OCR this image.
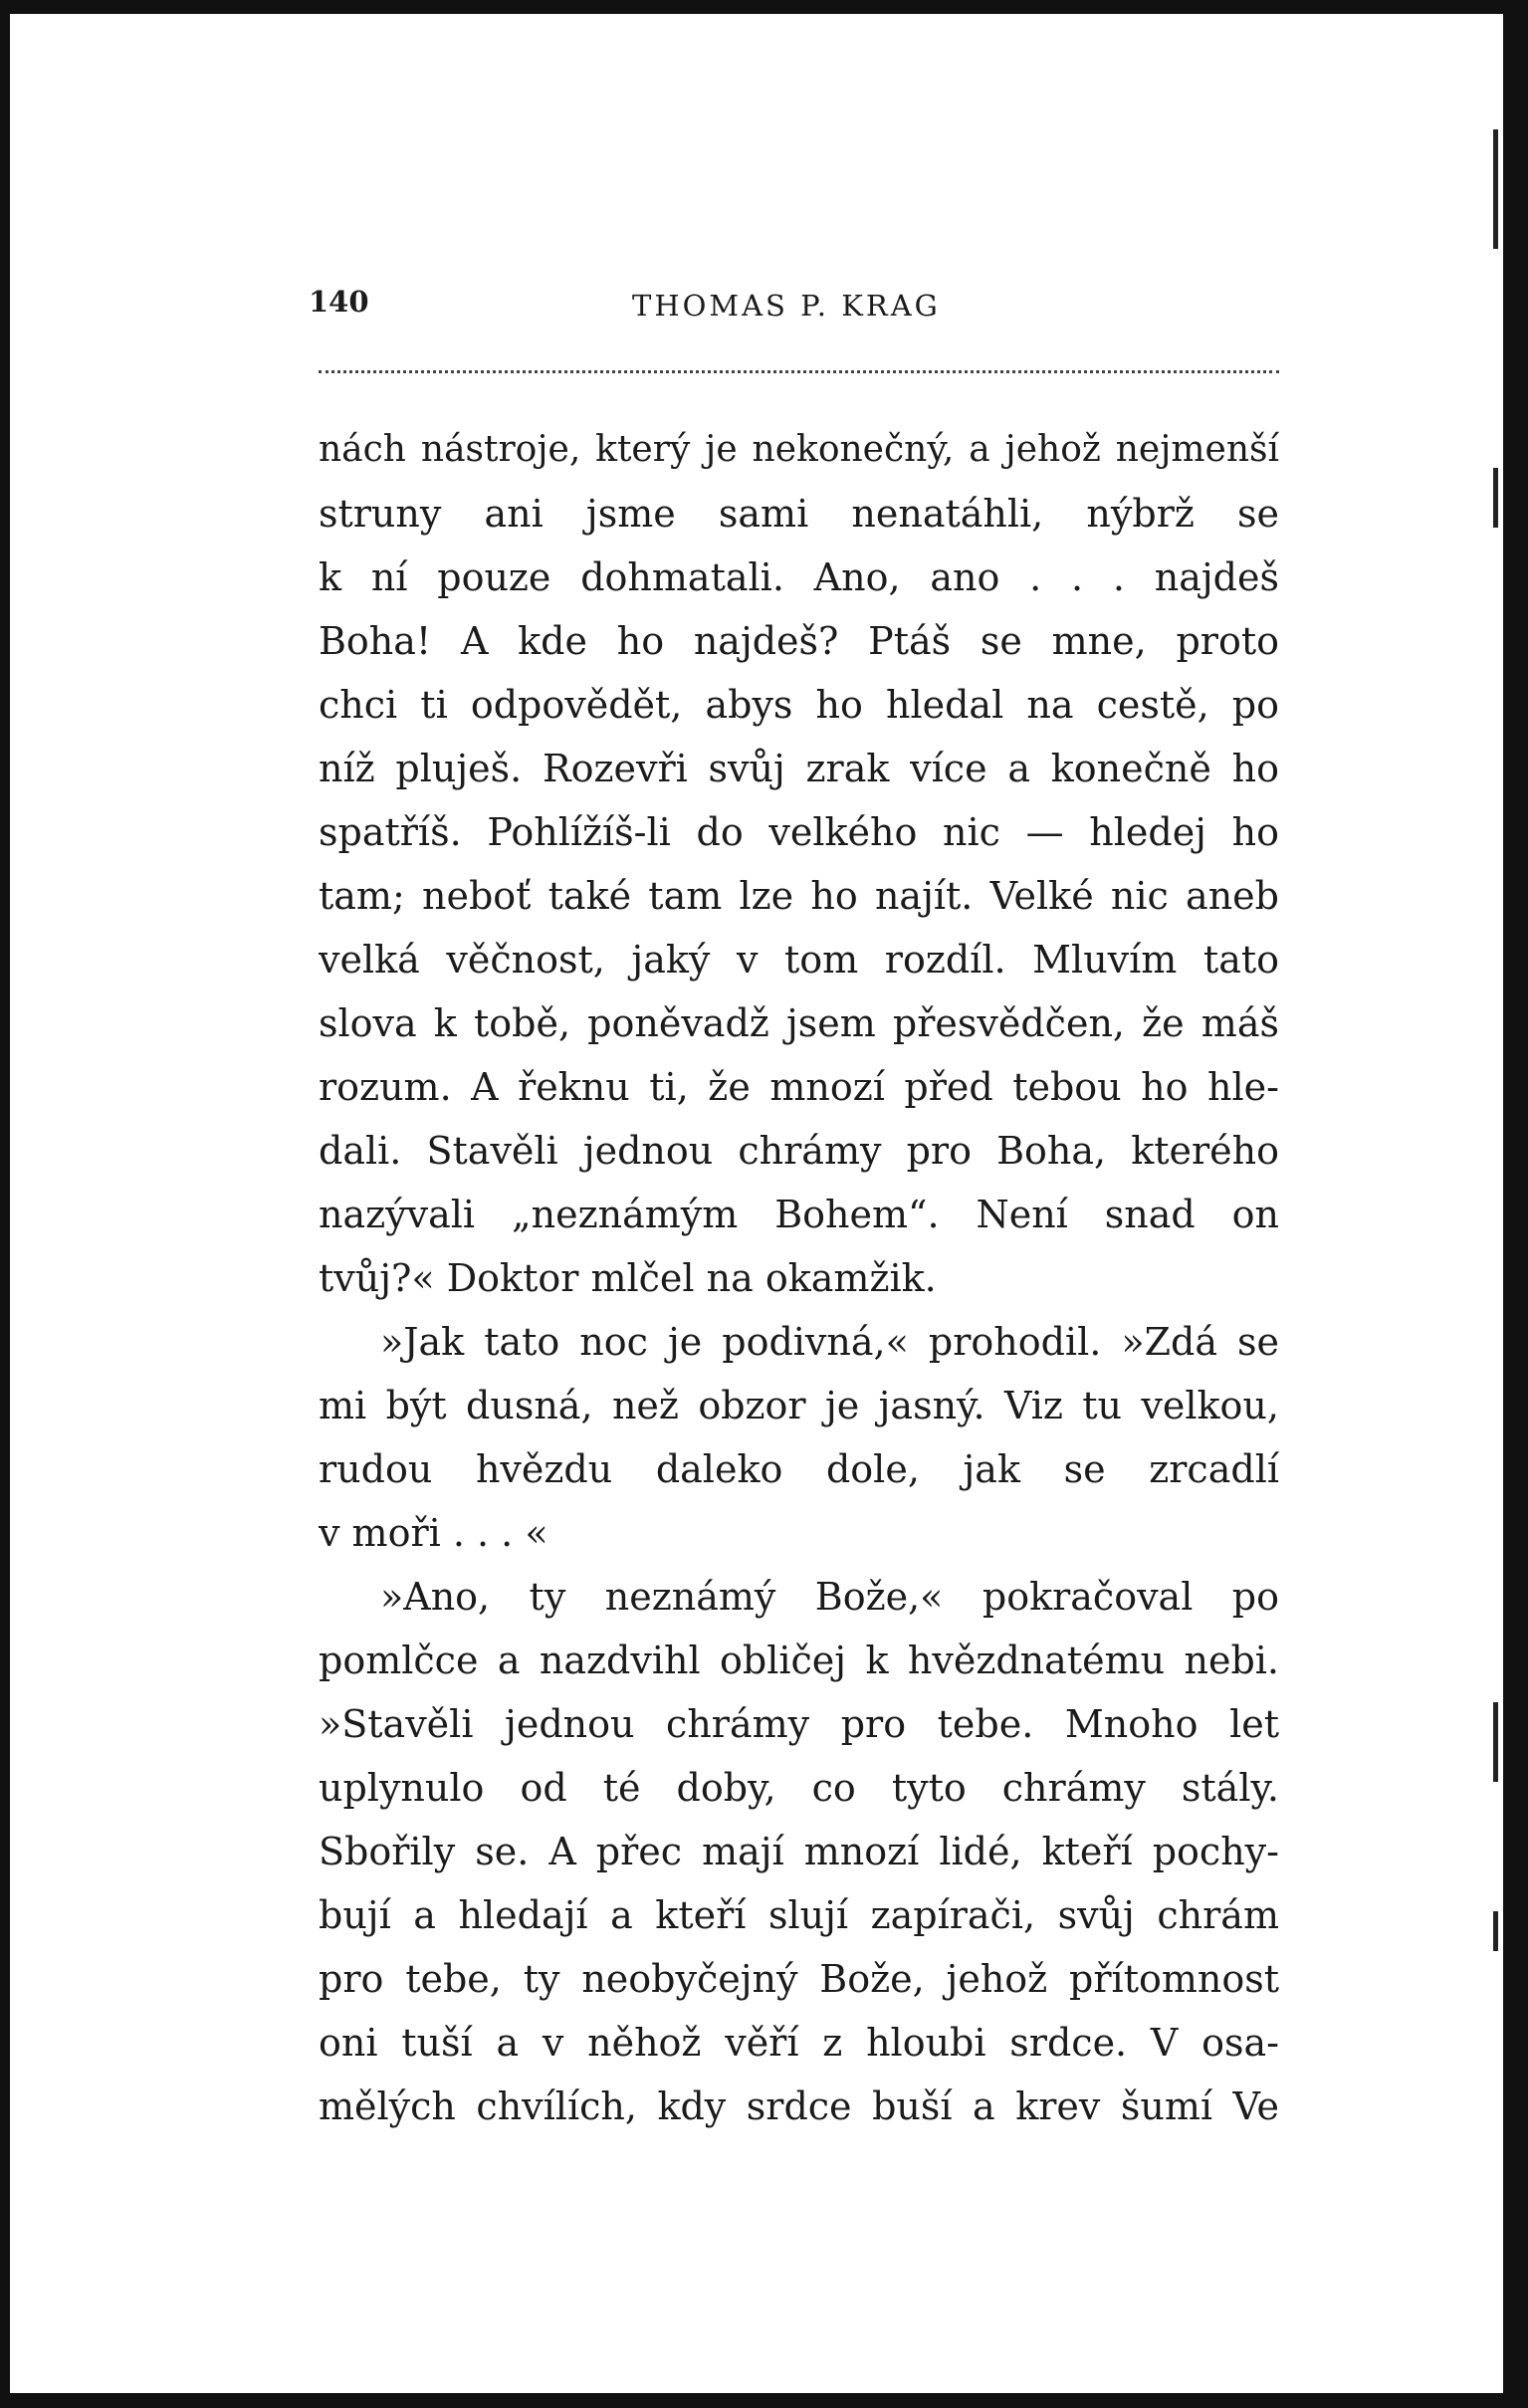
140	THOMAS P. KRAG
nách nástroje, který je nekonečný, a jehož nejmenší
struny ani jsme sami nenatáhli, nýbrž se
k ní pouze dohmatali. Ano, ano . . . najdeš
Boha! A kde ho najdeš? Ptáš se mne, proto
chci ti odpovědět, abys ho hledal na cestě, po
níž pluješ. Rozevři svůj zrak více a konečně ho
spatříš. Pohlížíš-li do velkého nic — hledej ho
tam; neboť také tam lze ho najít. Velké nic aneb
velká věčnost, jaký v tom rozdíl. Mluvím tato
slova k tobě, poněvadž jsem přesvědčen, že máš
rozum. A řeknu ti, že mnozí před tebou ho hle-
dali. Stavěli jednou chrámy pro Boha, kterého
nazývali „neznámým Bohem“. Není snad on
tvůj?« Doktor mlčel na okamžik.
»Jak tato noc je podivná,« prohodil. »Zdá se
mi být dusná, než obzor je jasný. Viz tu velkou,
rudou hvězdu daleko dole, jak se zrcadlí
v moři . . . «
»Ano, ty neznámý Bože,« pokračoval po
pomlčce a nazdvihl obličej k hvězdnatému nebi.
»Stavěli jednou chrámy pro tebe. Mnoho let
uplynulo od té doby, co tyto chrámy stály.
Sbořily se. A přec mají mnozí lidé, kteří pochy-
bují a hledají a kteří slují zapírači, svůj chrám
pro tebe, ty neobyčejný Bože, jehož přítomnost
oni tuší a v něhož věří z hloubi srdce. V osa-
mělých chvílích, kdy srdce buší a krev šumí Ve
